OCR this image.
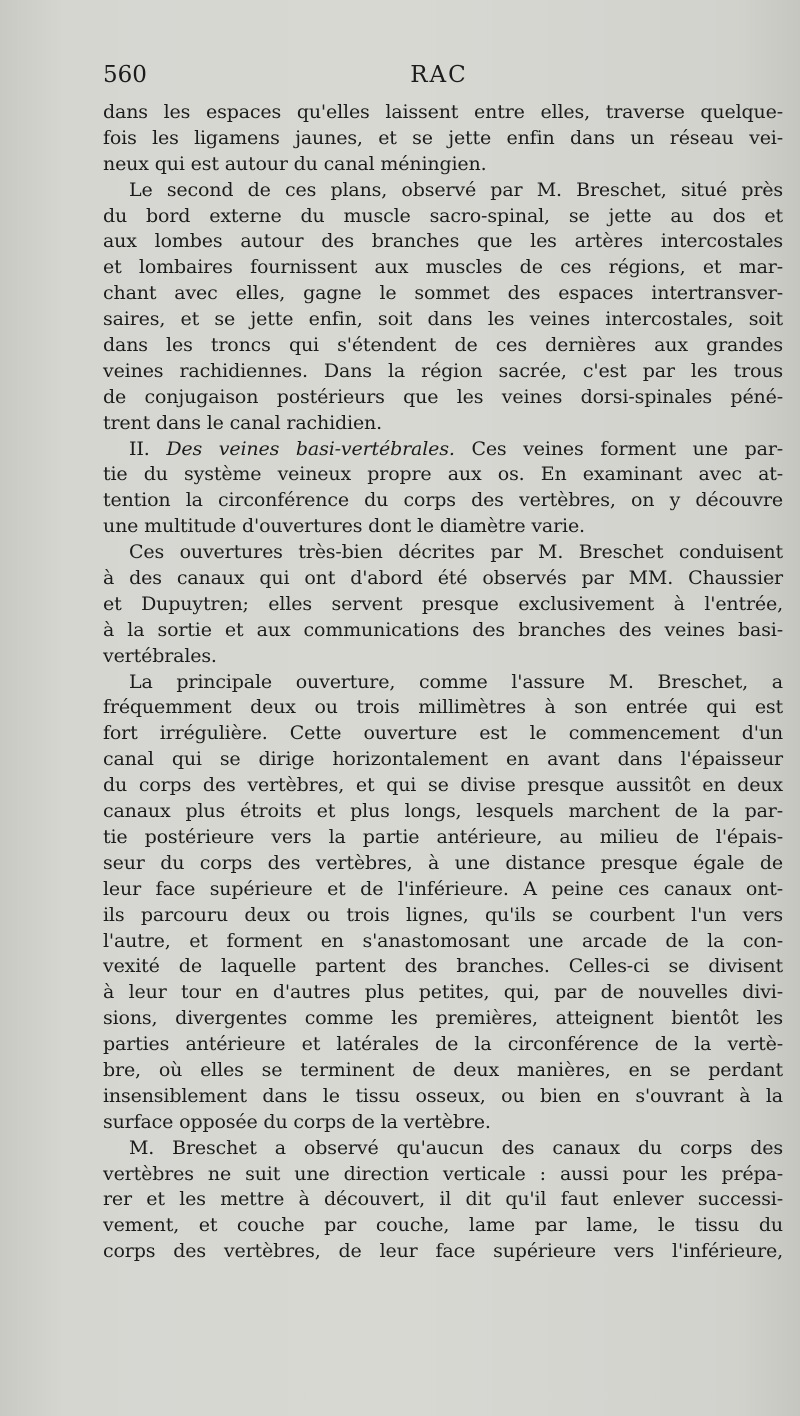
560	RAC
dans les espaces qu'elles laissent entre elles, traverse quelque-
fois les ligamens jaunes, et se jette enfin dans un réseau vei-
neux qui est autour du canal méningien.
Le second de ces plans, observé par M. Breschet, situé près
du bord externe du muscle sacro-spinal, se jette au dos et
aux lombes autour des branches que les artères intercostales
et lombaires fournissent aux muscles de ces régions, et mar-
chant avec elles, gagne le sommet des espaces intertransver-
saires, et se jette enfin, soit dans les veines intercostales, soit
dans les troncs qui s'étendent de ces dernières aux grandes
veines rachidiennes. Dans la région sacrée, c'est par les trous
de conjugaison postérieurs que les veines dorsi-spinales péné-
trent dans le canal rachidien.
II. Des veines basi-vertébrales. Ces veines forment une par-
tie du système veineux propre aux os. En examinant avec at-
tention la circonférence du corps des vertèbres, on y découvre
une multitude d'ouvertures dont le diamètre varie.
Ces ouvertures très-bien décrites par M. Breschet conduisent
à des canaux qui ont d'abord été observés par MM. Chaussier
et Dupuytren; elles servent presque exclusivement à l'entrée,
à la sortie et aux communications des branches des veines basi-
vertébrales.
La principale ouverture, comme l'assure M. Breschet, a
fréquemment deux ou trois millimètres à son entrée qui est
fort irrégulière. Cette ouverture est le commencement d'un
canal qui se dirige horizontalement en avant dans l'épaisseur
du corps des vertèbres, et qui se divise presque aussitôt en deux
canaux plus étroits et plus longs, lesquels marchent de la par-
tie postérieure vers la partie antérieure, au milieu de l'épais-
seur du corps des vertèbres, à une distance presque égale de
leur face supérieure et de l'inférieure. A peine ces canaux ont-
ils parcouru deux ou trois lignes, qu'ils se courbent l'un vers
l'autre, et forment en s'anastomosant une arcade de la con-
vexité de laquelle partent des branches. Celles-ci se divisent
à leur tour en d'autres plus petites, qui, par de nouvelles divi-
sions, divergentes comme les premières, atteignent bientôt les
parties antérieure et latérales de la circonférence de la vertè-
bre, où elles se terminent de deux manières, en se perdant
insensiblement dans le tissu osseux, ou bien en s'ouvrant à la
surface opposée du corps de la vertèbre.
M. Breschet a observé qu'aucun des canaux du corps des
vertèbres ne suit une direction verticale : aussi pour les prépa-
rer et les mettre à découvert, il dit qu'il faut enlever successi-
vement, et couche par couche, lame par lame, le tissu du
corps des vertèbres, de leur face supérieure vers l'inférieure,
